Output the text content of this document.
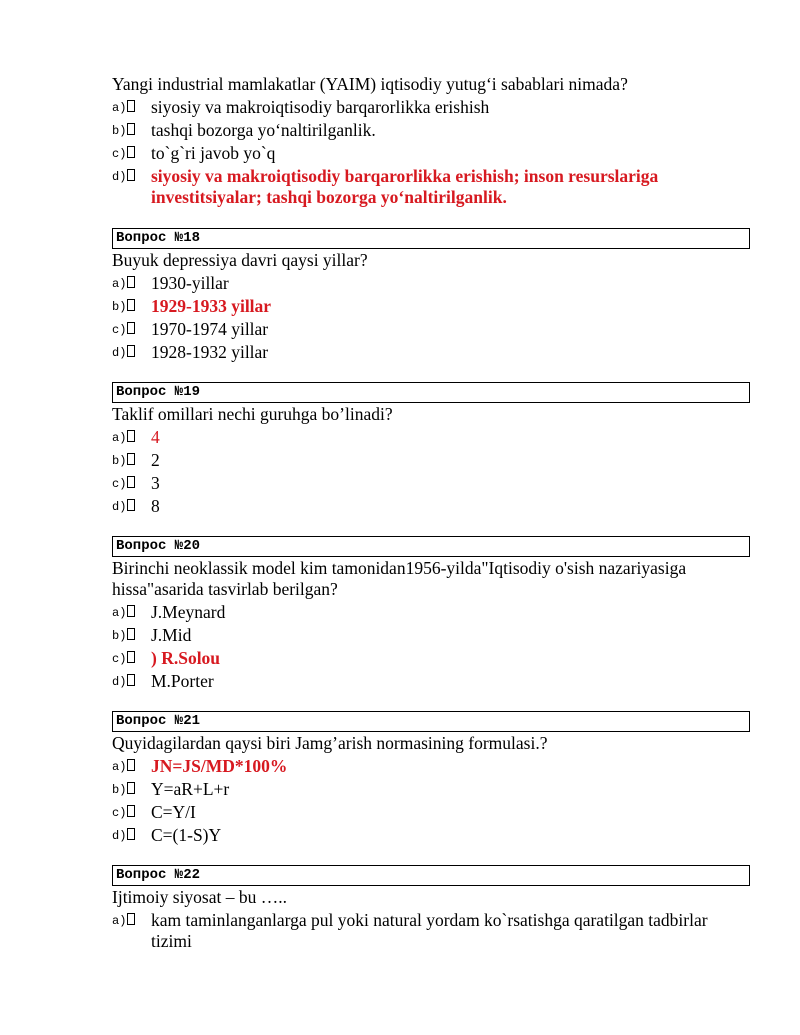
Yangi industrial mamlakatlar (YAIM) iqtisodiy yutug‘i sabablari nimada?
a)	siyosiy va makroiqtisodiy barqarorlikka erishish
b)	tashqi bozorga yo‘naltirilganlik.
c)	to`g`ri javob yo`q
d)	siyosiy va makroiqtisodiy barqarorlikka erishish; inson resurslariga investitsiyalar; tashqi bozorga yo‘naltirilganlik.
Вопрос №18
Buyuk depressiya davri qaysi yillar?
a)	1930-yillar
b)	1929-1933 yillar
c)	1970-1974 yillar
d)	1928-1932 yillar
Вопрос №19
Taklif omillari nechi guruhga bo’linadi?
a)	4
b)	2
c)	3
d)	8
Вопрос №20
Birinchi neoklassik model kim tamonidan1956-yilda"Iqtisodiy o'sish nazariyasiga hissa"asarida tasvirlab berilgan?
a)	J.Meynard
b)	J.Mid
c)	) R.Solou
d)	M.Porter
Вопрос №21
Quyidagilardan qaysi biri Jamg’arish normasining formulasi.?
a)	JN=JS/MD*100%
b)	Y=aR+L+r
c)	C=Y/I
d)	C=(1-S)Y
Вопрос №22
Ijtimoiy siyosat – bu …..
a)	kam taminlanganlarga pul yoki natural yordam ko`rsatishga qaratilgan tadbirlar tizimi
